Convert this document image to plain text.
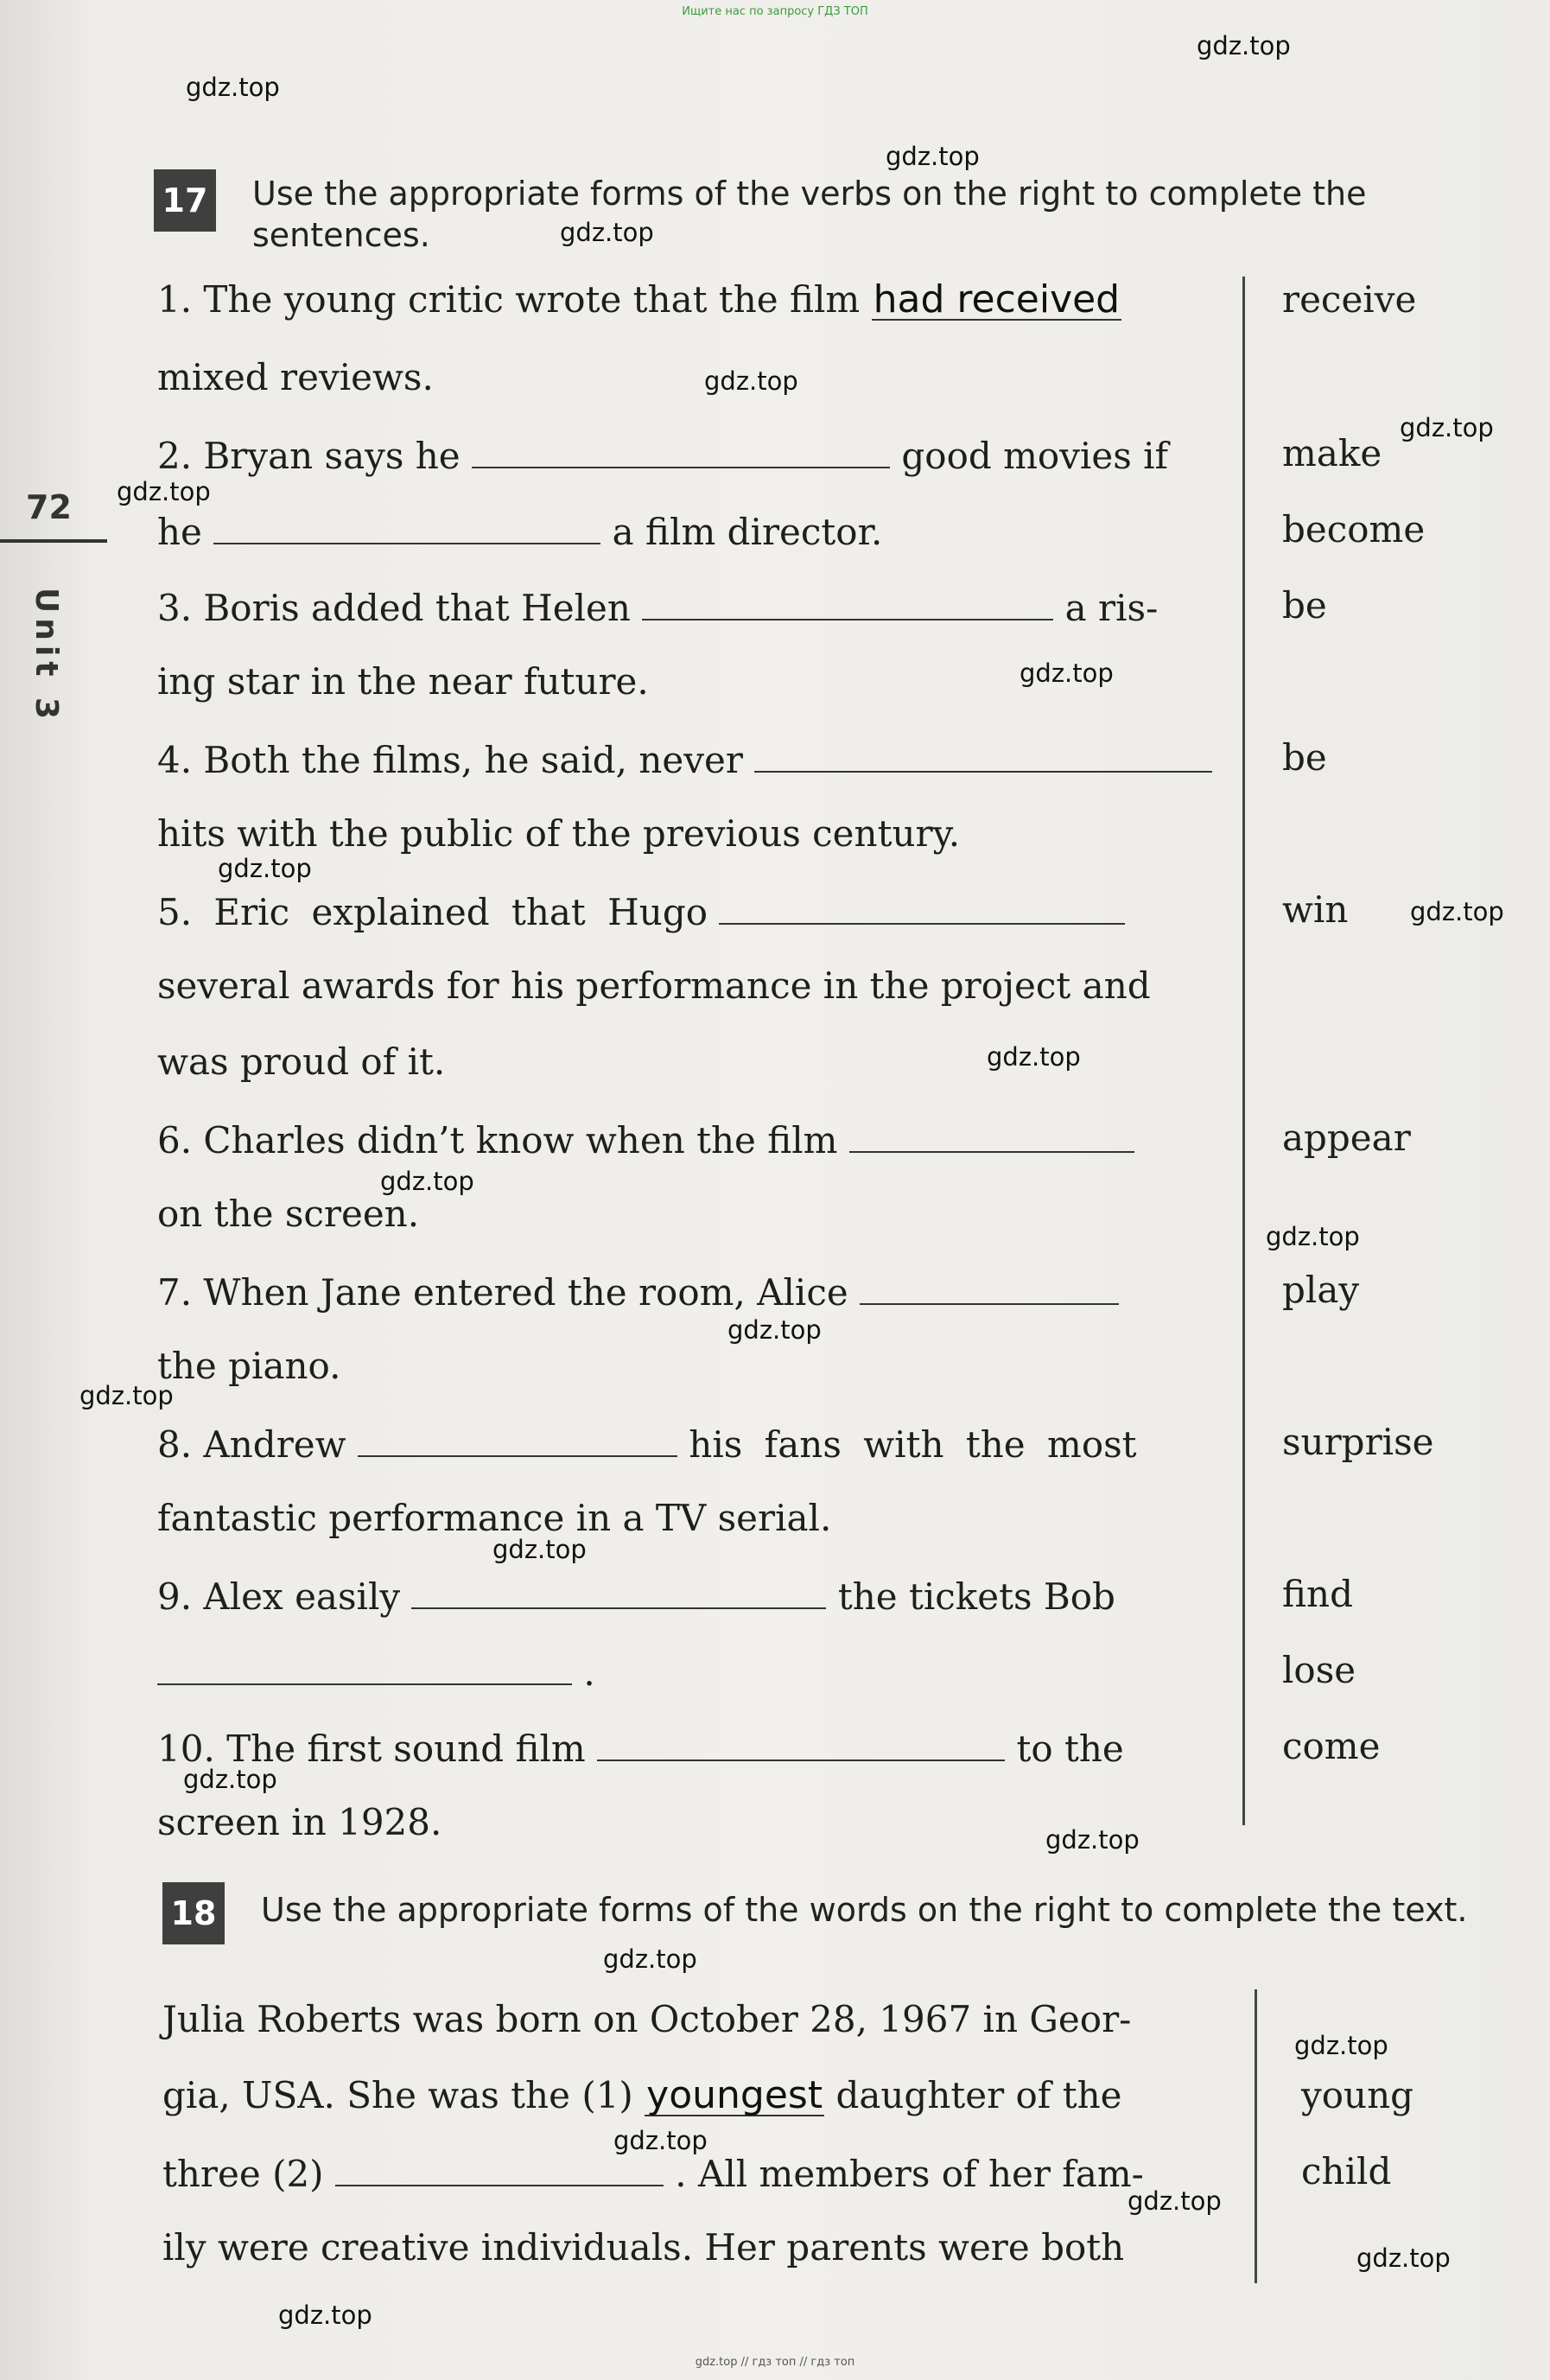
Ищите нас по запросу ГДЗ ТОП
gdz.top
gdz.top
gdz.top
gdz.top
gdz.top
gdz.top
gdz.top
gdz.top
gdz.top
gdz.top
gdz.top
gdz.top
gdz.top
gdz.top
gdz.top
gdz.top
gdz.top
gdz.top
gdz.top
gdz.top
gdz.top
gdz.top
gdz.top
gdz.top
72
Unit 3
17 Use the appropriate forms of the verbs on the right to complete the sentences.
1. The young critic wrote that the film had received
mixed reviews.
2. Bryan says he	good movies if
he	a film director.
3. Boris added that Helen	a ris-
ing star in the near future.
4. Both the films, he said, never
hits with the public of the previous century.
5. Eric explained that Hugo
several awards for his performance in the project and
was proud of it.
6. Charles didn’t know when the film
on the screen.
7. When Jane entered the room, Alice
the piano.
8. Andrew	his fans with the most
fantastic performance in a TV serial.
9. Alex easily	the tickets Bob
.
10. The first sound film	to the
screen in 1928.
receive
make
become
be
be
win
appear
play
surprise
find
lose
come
18 Use the appropriate forms of the words on the right to complete the text.
Julia Roberts was born on October 28, 1967 in Geor-
gia, USA. She was the (1) youngest daughter of the
three (2)	. All members of her fam-
ily were creative individuals. Her parents were both
young
child
gdz.top // гдз топ // гдз топ
